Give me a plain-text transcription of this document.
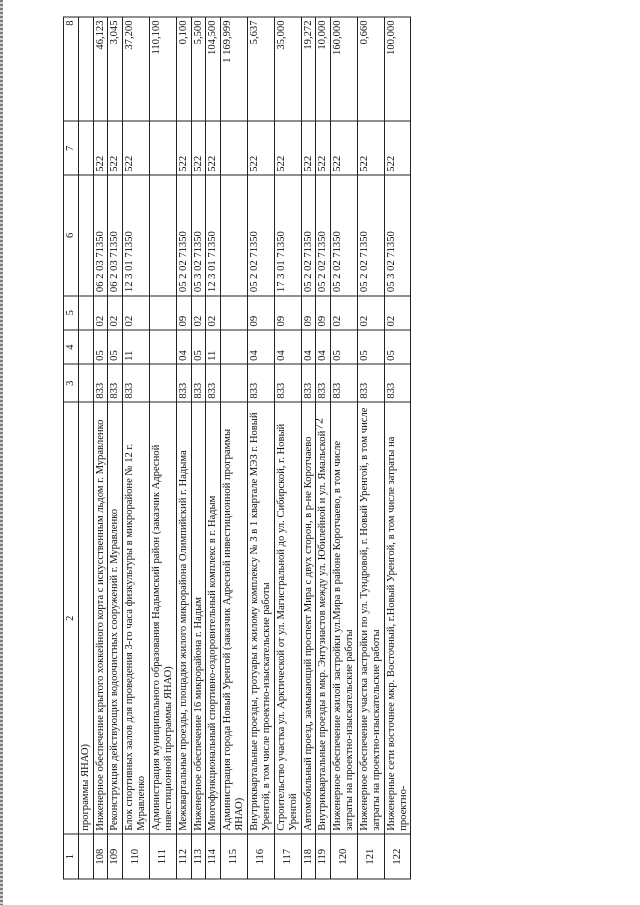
72
1	2	3	4	5	6	7	8
	программы ЯНАО)						
108	Инженерное обеспечение крытого хоккейного корта с искусственным льдом г. Муравленко	833	05	02	06 2 03 71350	522	46,123
109	Реконструкция действующих водоочистных сооружений г. Муравленко	833	05	02	06 2 03 71350	522	3,045
110	Блок спортивных залов для проведения 3-го часа физкультуры в микрорайоне № 12 г. Муравленко	833	11	02	12 3 01 71350	522	37,200
111	Администрация муниципального образования Надымский район (заказчик Адресной инвестиционной программы ЯНАО)						110,100
112	Межквартальные проезды, площадки жилого микрорайона Олимпийский г. Надыма	833	04	09	05 2 02 71350	522	0,100
113	Инженерное обеспечение 16 микрорайона г. Надым	833	05	02	05 3 02 71350	522	5,500
114	Многофункциональный спортивно-оздоровительный комплекс в г. Надым	833	11	02	12 3 01 71350	522	104,500
115	Администрация города Новый Уренгой (заказчик Адресной инвестиционной программы ЯНАО)						1 169,999
116	Внутриквартальные проезды, тротуары к жилому комплексу № 3 в 1 квартале МЭЗ г. Новый Уренгой, в том числе проектно-изыскательские работы	833	04	09	05 2 02 71350	522	5,637
117	Строительство участка ул. Арктической от ул. Магистральной до ул. Сибирской, г. Новый Уренгой	833	04	09	17 3 01 71350	522	35,000
118	Автомобильный проезд, замыкающий проспект Мира с двух сторон, в р-не Коротчаево	833	04	09	05 2 02 71350	522	19,272
119	Внутриквартальные проезды в мкр. Энтузиастов между ул. Юбилейной и ул. Ямальской	833	04	09	05 2 02 71350	522	10,000
120	Инженерное обеспечение жилой застройки ул.Мира в районе Коротчаево, в том числе затраты на проектно-изыскательские работы	833	05	02	05 2 02 71350	522	160,000
121	Инженерное обеспечение участка застройки по ул. Тундровой, г. Новый Уренгой, в том числе затраты на проектно-изыскательские работы	833	05	02	05 2 02 71350	522	0,660
122	Инженерные сети восточнее мкр. Восточный, г.Новый Уренгой, в том числе затраты на проектно-	833	05	02	05 3 02 71350	522	100,000
